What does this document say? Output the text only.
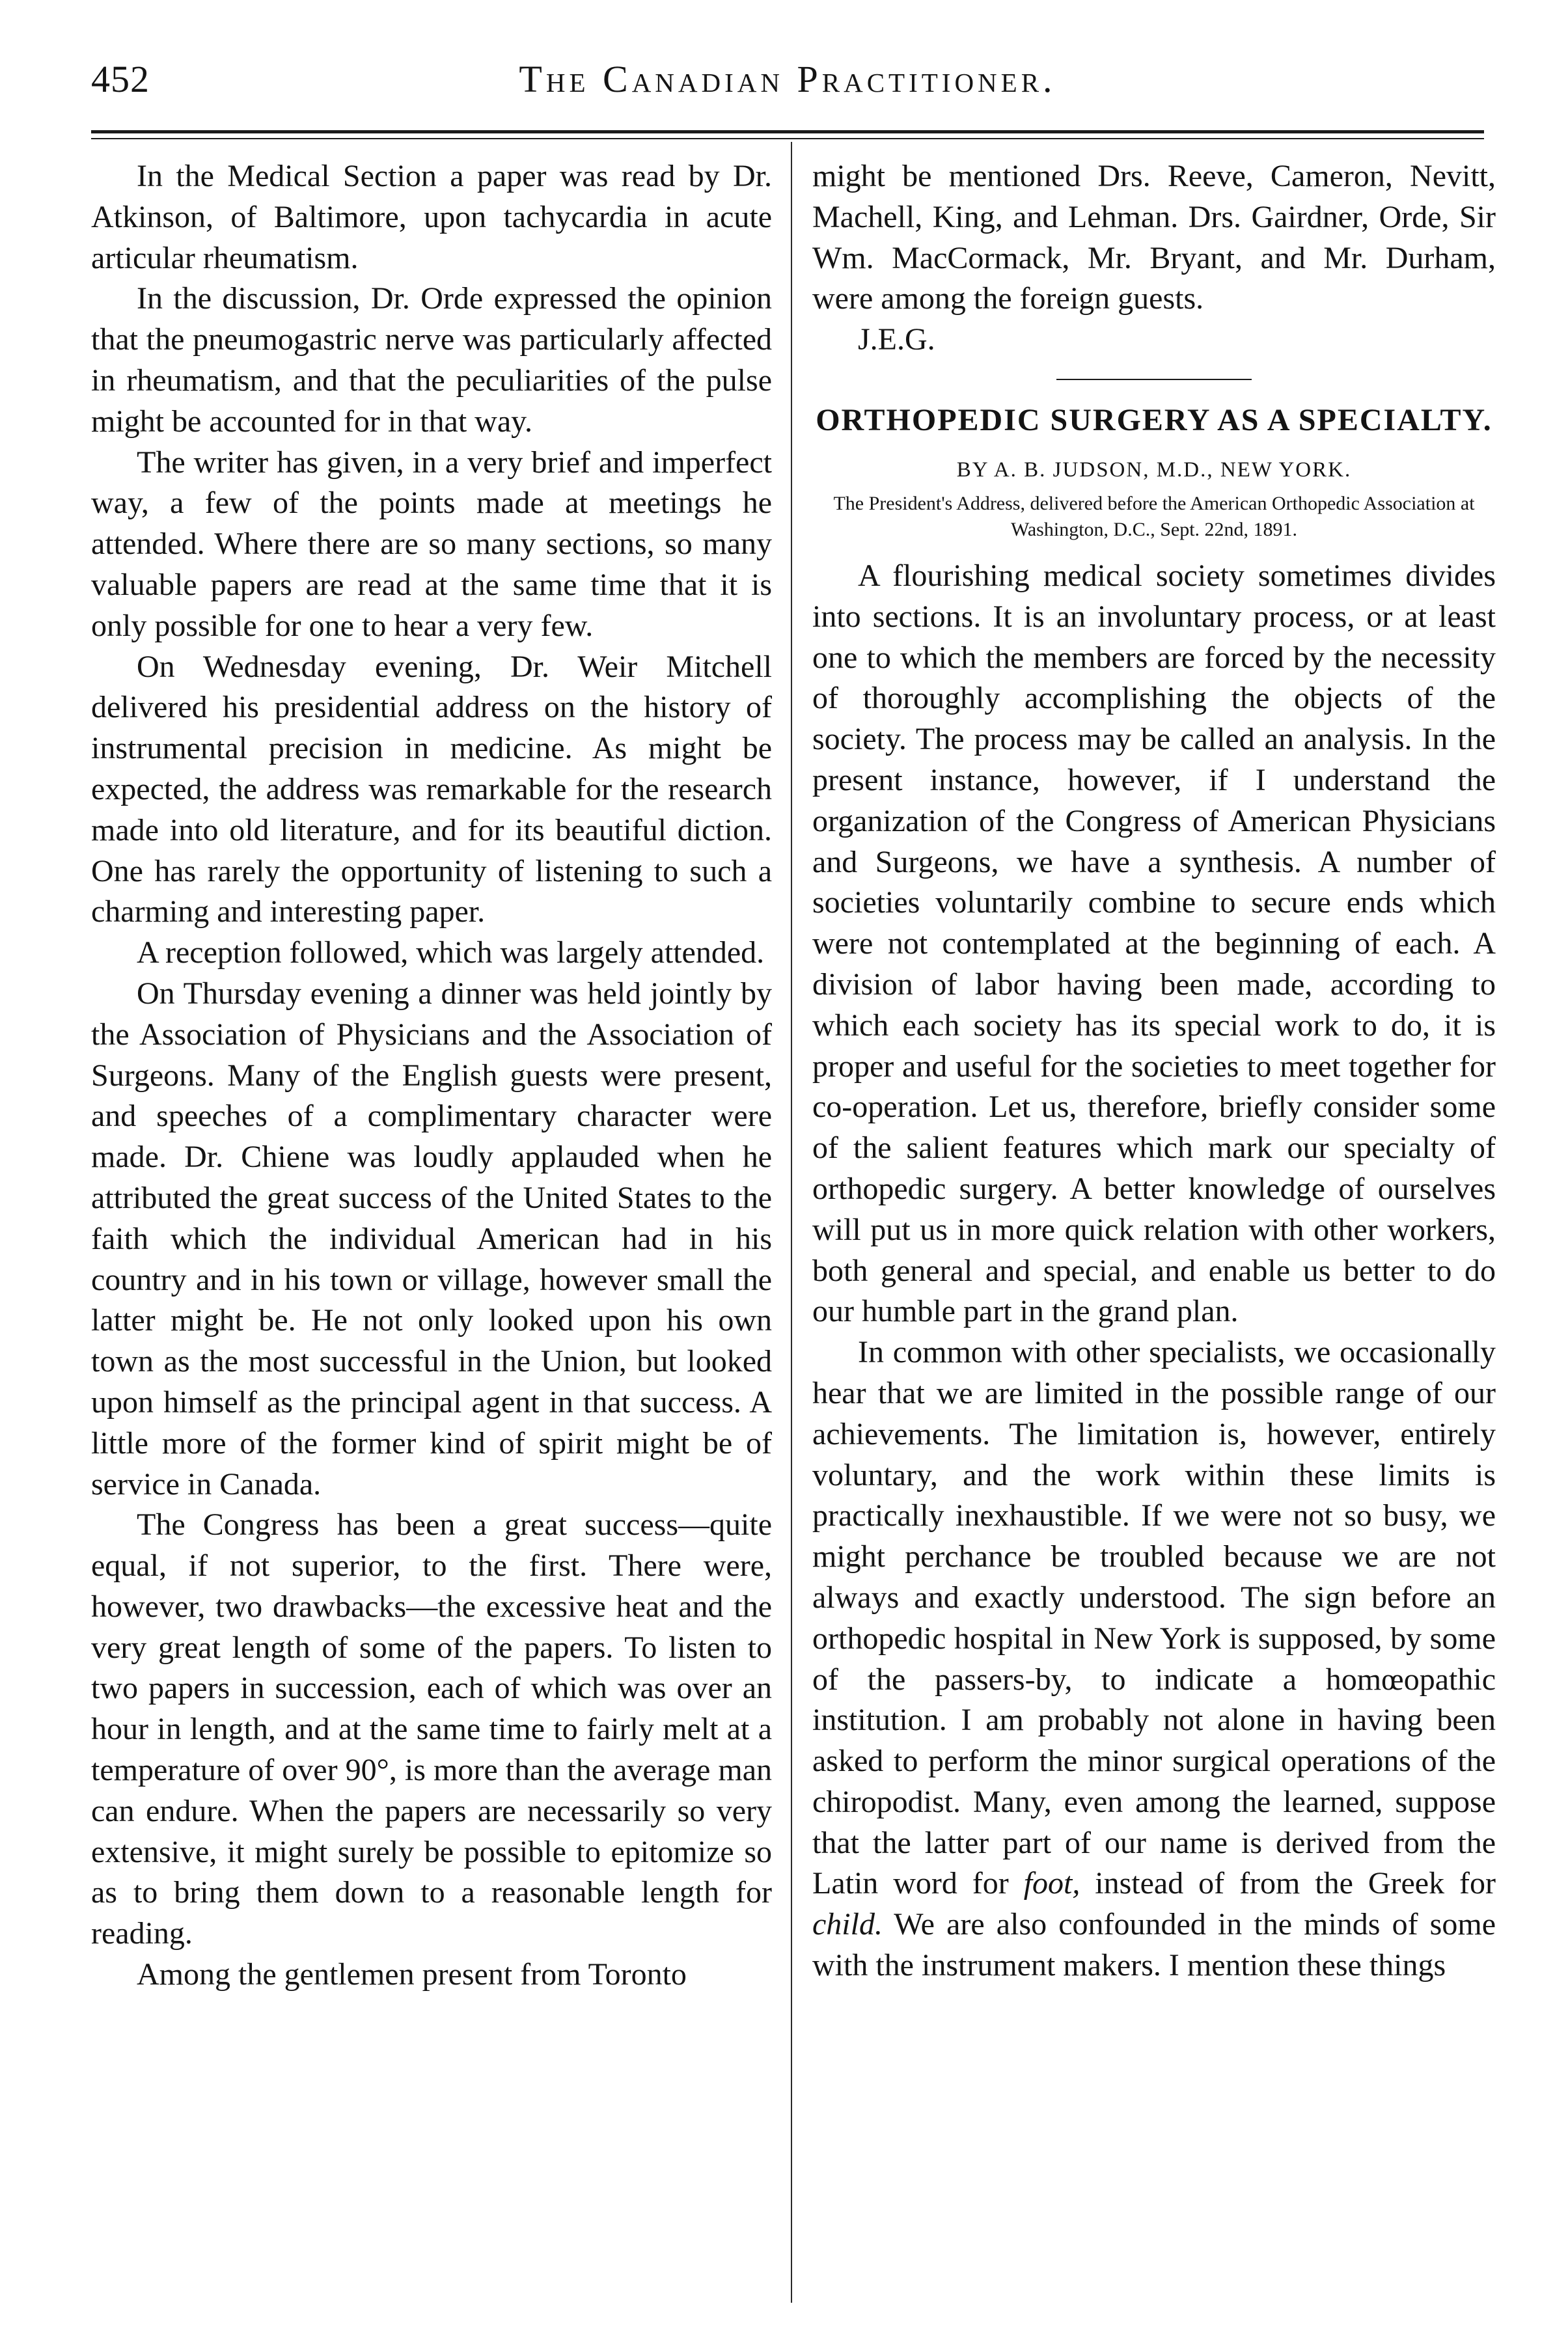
452	The Canadian Practitioner.

In the Medical Section a paper was read by Dr. Atkinson, of Baltimore, upon tachycardia in acute articular rheumatism.

In the discussion, Dr. Orde expressed the opinion that the pneumogastric nerve was particularly affected in rheumatism, and that the peculiarities of the pulse might be accounted for in that way.

The writer has given, in a very brief and imperfect way, a few of the points made at meetings he attended. Where there are so many sections, so many valuable papers are read at the same time that it is only possible for one to hear a very few.

On Wednesday evening, Dr. Weir Mitchell delivered his presidential address on the history of instrumental precision in medicine. As might be expected, the address was remarkable for the research made into old literature, and for its beautiful diction. One has rarely the opportunity of listening to such a charming and interesting paper.

A reception followed, which was largely attended.

On Thursday evening a dinner was held jointly by the Association of Physicians and the Association of Surgeons. Many of the English guests were present, and speeches of a complimentary character were made. Dr. Chiene was loudly applauded when he attributed the great success of the United States to the faith which the individual American had in his country and in his town or village, however small the latter might be. He not only looked upon his own town as the most successful in the Union, but looked upon himself as the principal agent in that success. A little more of the former kind of spirit might be of service in Canada.

The Congress has been a great success—quite equal, if not superior, to the first. There were, however, two drawbacks—the excessive heat and the very great length of some of the papers. To listen to two papers in succession, each of which was over an hour in length, and at the same time to fairly melt at a temperature of over 90°, is more than the average man can endure. When the papers are necessarily so very extensive, it might surely be possible to epitomize so as to bring them down to a reasonable length for reading.

Among the gentlemen present from Toronto

might be mentioned Drs. Reeve, Cameron, Nevitt, Machell, King, and Lehman. Drs. Gairdner, Orde, Sir Wm. MacCormack, Mr. Bryant, and Mr. Durham, were among the foreign guests.

J.E.G.

ORTHOPEDIC SURGERY AS A SPECIALTY.
BY A. B. JUDSON, M.D., NEW YORK.
The President's Address, delivered before the American Orthopedic Association at Washington, D.C., Sept. 22nd, 1891.

A flourishing medical society sometimes divides into sections. It is an involuntary process, or at least one to which the members are forced by the necessity of thoroughly accomplishing the objects of the society. The process may be called an analysis. In the present instance, however, if I understand the organization of the Congress of American Physicians and Surgeons, we have a synthesis. A number of societies voluntarily combine to secure ends which were not contemplated at the beginning of each. A division of labor having been made, according to which each society has its special work to do, it is proper and useful for the societies to meet together for co-operation. Let us, therefore, briefly consider some of the salient features which mark our specialty of orthopedic surgery. A better knowledge of ourselves will put us in more quick relation with other workers, both general and special, and enable us better to do our humble part in the grand plan.

In common with other specialists, we occasionally hear that we are limited in the possible range of our achievements. The limitation is, however, entirely voluntary, and the work within these limits is practically inexhaustible. If we were not so busy, we might perchance be troubled because we are not always and exactly understood. The sign before an orthopedic hospital in New York is supposed, by some of the passers-by, to indicate a homœopathic institution. I am probably not alone in having been asked to perform the minor surgical operations of the chiropodist. Many, even among the learned, suppose that the latter part of our name is derived from the Latin word for foot, instead of from the Greek for child. We are also confounded in the minds of some with the instrument makers. I mention these things
